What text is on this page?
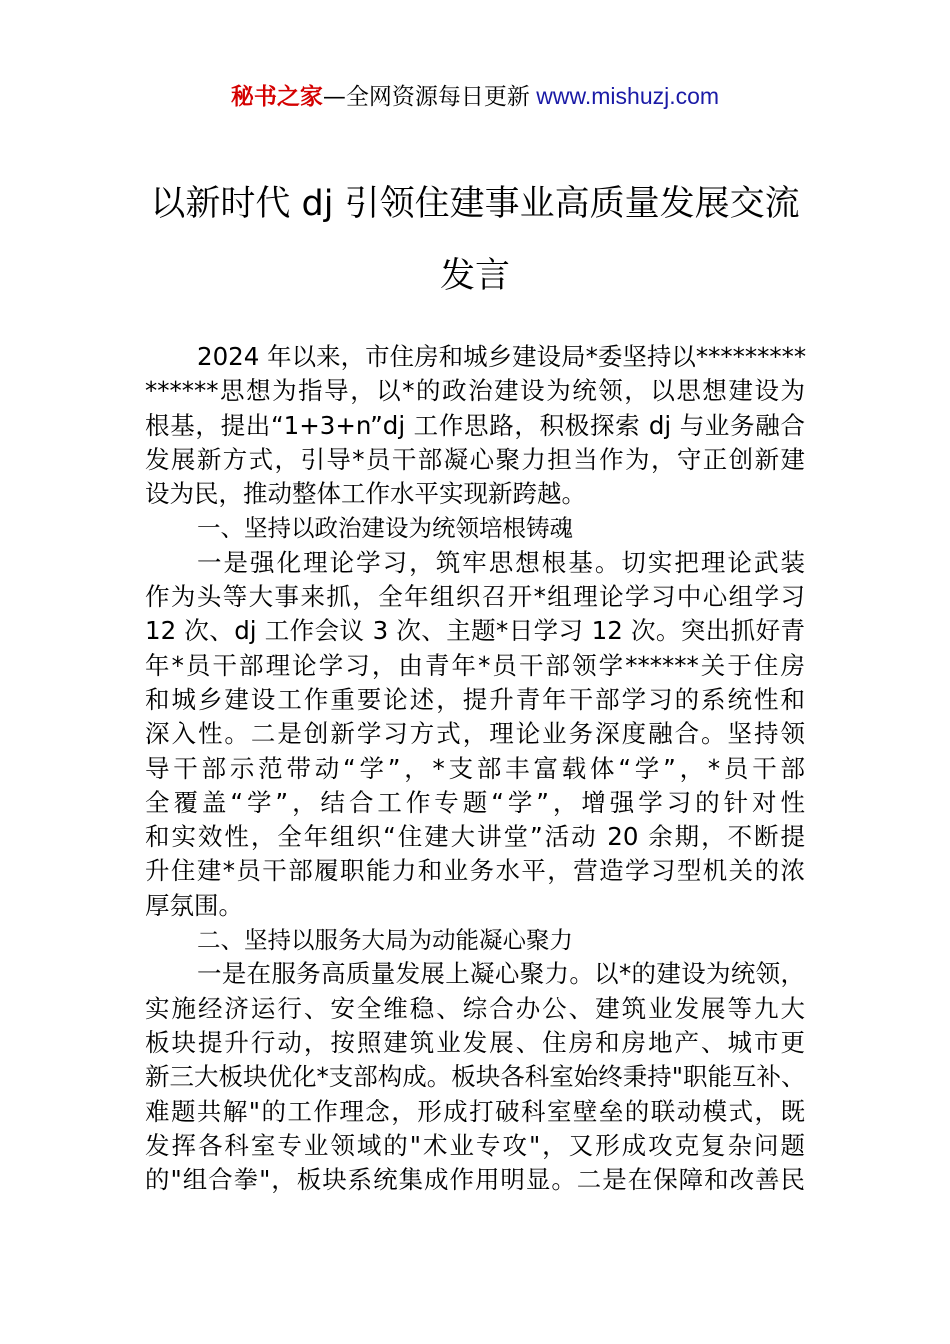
秘书之家—全网资源每日更新 www.mishuzj.com
以新时代 dj 引领住建事业高质量发展交流
发言
2024 年以来，市住房和城乡建设局*委坚持以*********
******思想为指导，以*的政治建设为统领，以思想建设为
根基，提出“1+3+n”dj 工作思路，积极探索 dj 与业务融合
发展新方式，引导*员干部凝心聚力担当作为，守正创新建
设为民，推动整体工作水平实现新跨越。
一、坚持以政治建设为统领培根铸魂
一是强化理论学习，筑牢思想根基。切实把理论武装
作为头等大事来抓，全年组织召开*组理论学习中心组学习
12 次、dj 工作会议 3 次、主题*日学习 12 次。突出抓好青
年*员干部理论学习，由青年*员干部领学******关于住房
和城乡建设工作重要论述，提升青年干部学习的系统性和
深入性。二是创新学习方式，理论业务深度融合。坚持领
导干部示范带动“学”，*支部丰富载体“学”，*员干部
全覆盖“学”，结合工作专题“学”，增强学习的针对性
和实效性，全年组织“住建大讲堂”活动 20 余期，不断提
升住建*员干部履职能力和业务水平，营造学习型机关的浓
厚氛围。
二、坚持以服务大局为动能凝心聚力
一是在服务高质量发展上凝心聚力。以*的建设为统领，
实施经济运行、安全维稳、综合办公、建筑业发展等九大
板块提升行动，按照建筑业发展、住房和房地产、城市更
新三大板块优化*支部构成。板块各科室始终秉持"职能互补、
难题共解"的工作理念，形成打破科室壁垒的联动模式，既
发挥各科室专业领域的"术业专攻"，又形成攻克复杂问题
的"组合拳"，板块系统集成作用明显。二是在保障和改善民
